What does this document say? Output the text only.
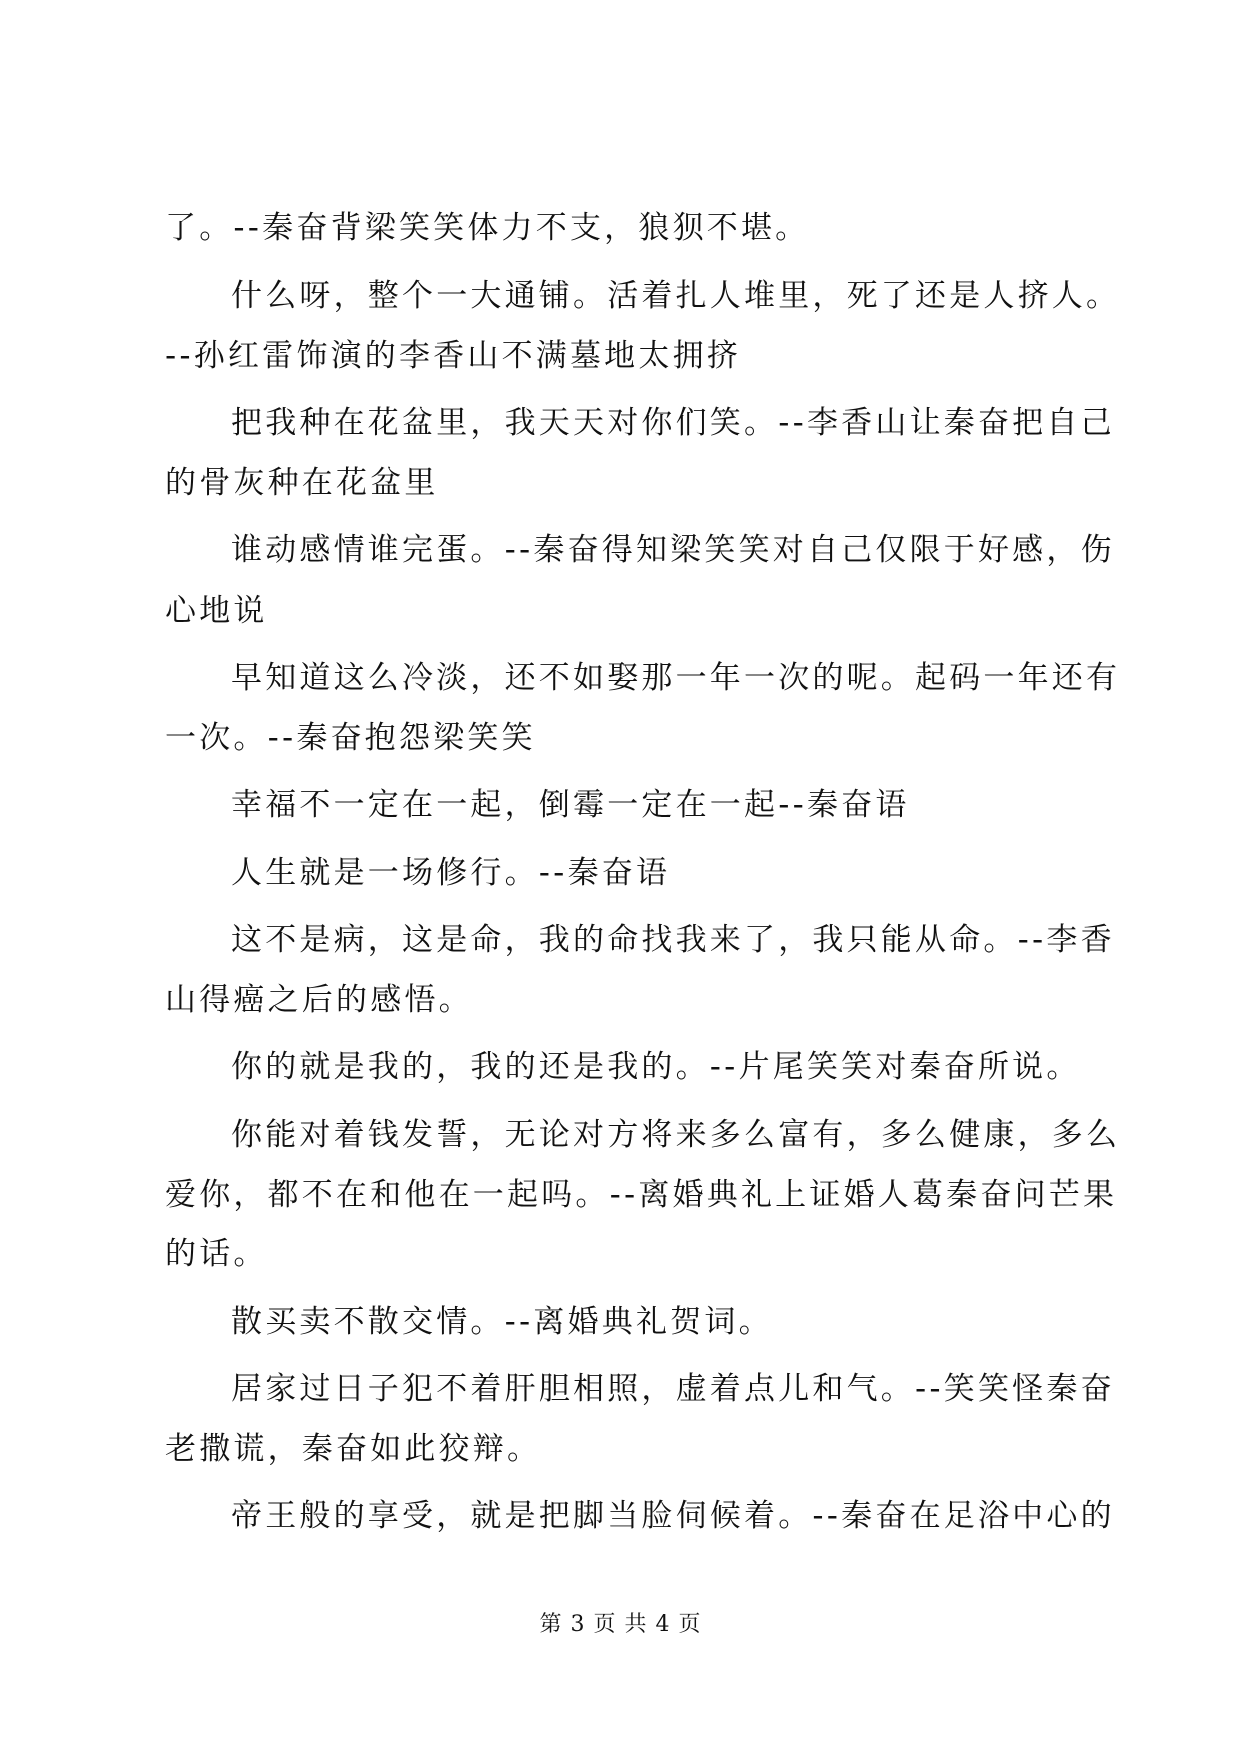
了。--秦奋背梁笑笑体力不支，狼狈不堪。

什么呀，整个一大通铺。活着扎人堆里，死了还是人挤人。

--孙红雷饰演的李香山不满墓地太拥挤

把我种在花盆里，我天天对你们笑。--李香山让秦奋把自己

的骨灰种在花盆里

谁动感情谁完蛋。--秦奋得知梁笑笑对自己仅限于好感，伤

心地说

早知道这么冷淡，还不如娶那一年一次的呢。起码一年还有

一次。--秦奋抱怨梁笑笑

幸福不一定在一起，倒霉一定在一起--秦奋语

人生就是一场修行。--秦奋语

这不是病，这是命，我的命找我来了，我只能从命。--李香

山得癌之后的感悟。

你的就是我的，我的还是我的。--片尾笑笑对秦奋所说。

你能对着钱发誓，无论对方将来多么富有，多么健康，多么

爱你，都不在和他在一起吗。--离婚典礼上证婚人葛秦奋问芒果

的话。

散买卖不散交情。--离婚典礼贺词。

居家过日子犯不着肝胆相照，虚着点儿和气。--笑笑怪秦奋

老撒谎，秦奋如此狡辩。

帝王般的享受，就是把脚当脸伺候着。--秦奋在足浴中心的

第 3 页 共 4 页
